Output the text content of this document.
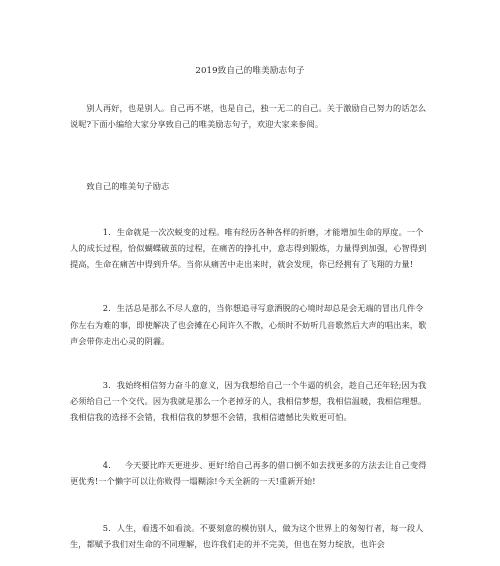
2019致自己的唯美励志句子

别人再好，也是别人。自己再不堪，也是自己，独一无二的自己。关于激励自己努力的话怎么说呢?下面小编给大家分享致自己的唯美励志句子，欢迎大家来参阅。

致自己的唯美句子励志

1. 生命就是一次次蜕变的过程。唯有经历各种各样的折磨，才能增加生命的厚度。一个人的成长过程，恰似蝴蝶破茧的过程，在痛苦的挣扎中，意志得到锻炼，力量得到加强，心智得到提高，生命在痛苦中得到升华。当你从痛苦中走出来时，就会发现，你已经拥有了飞翔的力量!

2. 生活总是那么不尽人意的，当你想追寻写意洒脱的心境时却总是会无端的冒出几件令你左右为难的事，即使解决了也会摊在心间许久不散，心烦时不妨听几音歌然后大声的唱出来，歌声会带你走出心灵的阴霾。

3. 我始终相信努力奋斗的意义，因为我想给自己一个牛逼的机会，趁自己还年轻;因为我必须给自己一个交代。因为我就是那么一个老掉牙的人，我相信梦想，我相信温暖，我相信理想。我相信我的选择不会错，我相信我的梦想不会错，我相信遗憾比失败更可怕。

4. 今天要比昨天更进步、更好!给自己再多的借口倒不如去找更多的方法去让自己变得更优秀!一个懒字可以让你败得一塌糊涂!今天全新的一天!重新开始!

5. 人生，看透不如看淡。不要刻意的模仿别人，做为这个世界上的匆匆行者，每一段人生，都赋予我们对生命的不同理解，也许我们走的并不完美，但也在努力绽放，也许会
